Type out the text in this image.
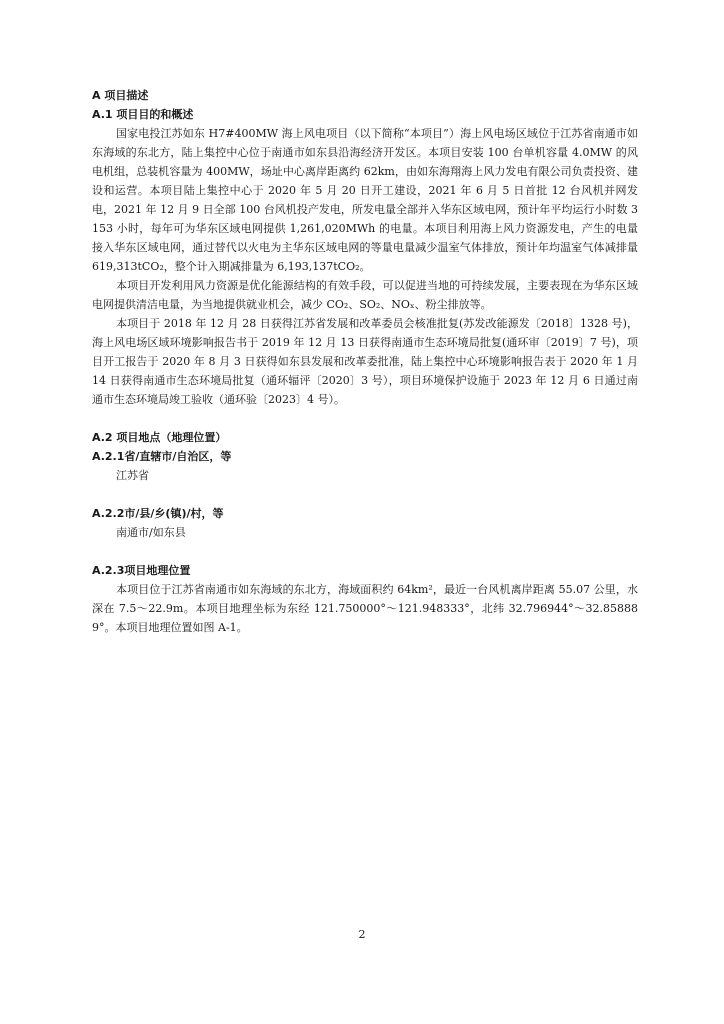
A 项目描述

A.1 项目目的和概述

国家电投江苏如东 H7#400MW 海上风电项目（以下简称“本项目”）海上风电场区域位于江苏省南通市如东海域的东北方，陆上集控中心位于南通市如东县沿海经济开发区。本项目安装 100 台单机容量 4.0MW 的风电机组，总装机容量为 400MW，场址中心离岸距离约 62km，由如东海翔海上风力发电有限公司负责投资、建设和运营。本项目陆上集控中心于 2020 年 5 月 20 日开工建设，2021 年 6 月 5 日首批 12 台风机并网发电，2021 年 12 月 9 日全部 100 台风机投产发电，所发电量全部并入华东区域电网，预计年平均运行小时数 3153 小时，每年可为华东区域电网提供 1,261,020MWh 的电量。本项目利用海上风力资源发电，产生的电量接入华东区域电网，通过替代以火电为主华东区域电网的等量电量减少温室气体排放，预计年均温室气体减排量 619,313tCO₂，整个计入期减排量为 6,193,137tCO₂。

本项目开发利用风力资源是优化能源结构的有效手段，可以促进当地的可持续发展，主要表现在为华东区域电网提供清洁电量，为当地提供就业机会，减少 CO₂、SO₂、NOₓ、粉尘排放等。

本项目于 2018 年 12 月 28 日获得江苏省发展和改革委员会核准批复(苏发改能源发〔2018〕1328 号)，海上风电场区域环境影响报告书于 2019 年 12 月 13 日获得南通市生态环境局批复(通环审〔2019〕7 号)，项目开工报告于 2020 年 8 月 3 日获得如东县发展和改革委批准，陆上集控中心环境影响报告表于 2020 年 1 月 14 日获得南通市生态环境局批复（通环辐评〔2020〕3 号），项目环境保护设施于 2023 年 12 月 6 日通过南通市生态环境局竣工验收（通环验〔2023〕4 号）。

A.2 项目地点（地理位置）

A.2.1省/直辖市/自治区，等

江苏省

A.2.2市/县/乡(镇)/村，等

南通市/如东县

A.2.3项目地理位置

本项目位于江苏省南通市如东海域的东北方，海域面积约 64km²，最近一台风机离岸距离 55.07 公里，水深在 7.5～22.9m。本项目地理坐标为东经 121.750000°～121.948333°，北纬 32.796944°～32.858889°。本项目地理位置如图 A-1。

2
